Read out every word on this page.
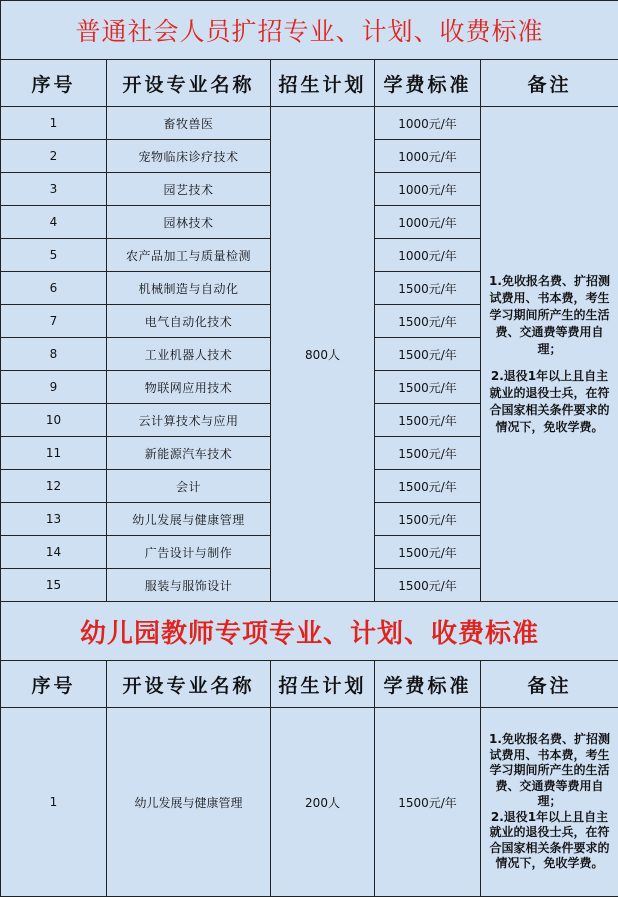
普通社会人员扩招专业、计划、收费标准				
序号	开设专业名称	招生计划	学费标准	备注
1	畜牧兽医	800人	1000元/年	1.免收报名费、扩招测试费用、书本费，考生学习期间所产生的生活费、交通费等费用自理；
2.退役1年以上且自主就业的退役士兵，在符合国家相关条件要求的情况下，免收学费。

2	宠物临床诊疗技术		1000元/年	
3	园艺技术		1000元/年	
4	园林技术		1000元/年	
5	农产品加工与质量检测		1000元/年	
6	机械制造与自动化		1500元/年	
7	电气自动化技术		1500元/年	
8	工业机器人技术		1500元/年	
9	物联网应用技术		1500元/年	
10	云计算技术与应用		1500元/年	
11	新能源汽车技术		1500元/年	
12	会计		1500元/年	
13	幼儿发展与健康管理		1500元/年	
14	广告设计与制作		1500元/年	
15	服装与服饰设计		1500元/年	
幼儿园教师专项专业、计划、收费标准				
序号	开设专业名称	招生计划	学费标准	备注
1	幼儿发展与健康管理	200人	1500元/年	1.免收报名费、扩招测试费用、书本费，考生学习期间所产生的生活费、交通费等费用自理；
2.退役1年以上且自主就业的退役士兵，在符合国家相关条件要求的情况下，免收学费。
